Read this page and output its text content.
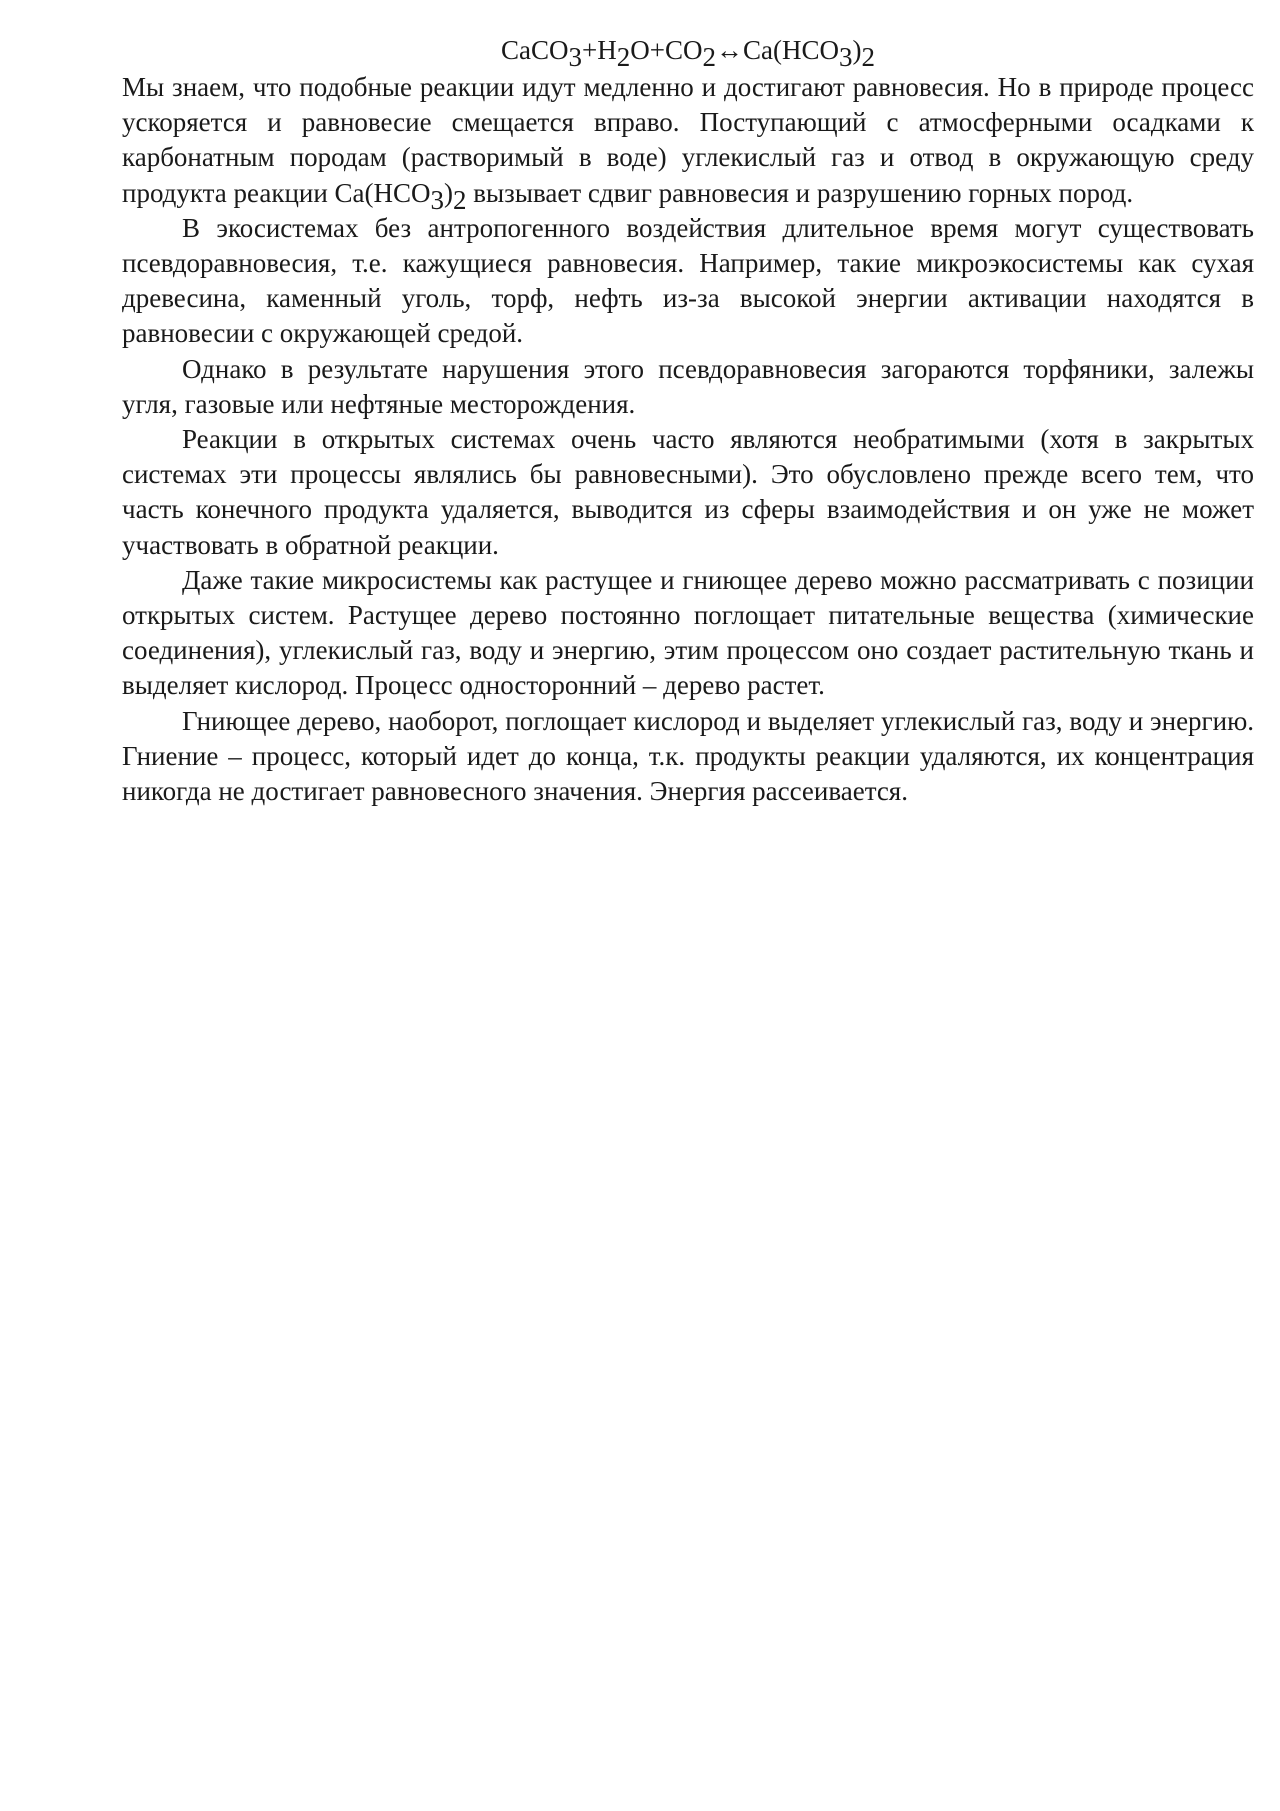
$CaCO_3+H_2O+CO_2\leftrightarrow Ca(HCO_3)_2$

Мы знаем, что подобные реакции идут медленно и достигают равновесия. Но в природе процесс ускоряется и равновесие смещается вправо. Поступающий с атмосферными осадками к карбонатным породам (растворимый в воде) углекислый газ и отвод в окружающую среду продукта реакции $Ca(HCO_3)_2$ вызывает сдвиг равновесия и разрушению горных пород.

В экосистемах без антропогенного воздействия длительное время могут существовать псевдоравновесия, т.е. кажущиеся равновесия. Например, такие микроэкосистемы как сухая древесина, каменный уголь, торф, нефть из-за высокой энергии активации находятся в равновесии с окружающей средой.

Однако в результате нарушения этого псевдоравновесия загораются торфяники, залежы угля, газовые или нефтяные месторождения.

Реакции в открытых системах очень часто являются необратимыми (хотя в закрытых системах эти процессы являлись бы равновесными). Это обусловлено прежде всего тем, что часть конечного продукта удаляется, выводится из сферы взаимодействия и он уже не может участвовать в обратной реакции.

Даже такие микросистемы как растущее и гниющее дерево можно рассматривать с позиции открытых систем. Растущее дерево постоянно поглощает питательные вещества (химические соединения), углекислый газ, воду и энергию, этим процессом оно создает растительную ткань и выделяет кислород. Процесс односторонний – дерево растет.

Гниющее дерево, наоборот, поглощает кислород и выделяет углекислый газ, воду и энергию. Гниение – процесс, который идет до конца, т.к. продукты реакции удаляются, их концентрация никогда не достигает равновесного значения. Энергия рассеивается.
